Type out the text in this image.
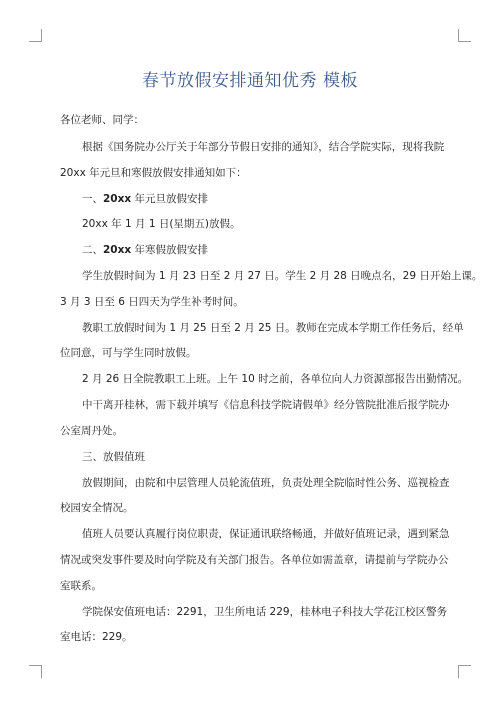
春节放假安排通知优秀 模板
各位老师、同学：
根据《国务院办公厅关于年部分节假日安排的通知》，结合学院实际，现将我院
20xx 年元旦和寒假放假安排通知如下：
一、20xx 年元旦放假安排
20xx 年 1 月 1 日(星期五)放假。
二、20xx 年寒假放假安排
学生放假时间为 1 月 23 日至 2 月 27 日。学生 2 月 28 日晚点名，29 日开始上课。
3 月 3 日至 6 日四天为学生补考时间。
教职工放假时间为 1 月 25 日至 2 月 25 日。教师在完成本学期工作任务后，经单
位同意，可与学生同时放假。
2 月 26 日全院教职工上班。上午 10 时之前，各单位向人力资源部报告出勤情况。
中干离开桂林，需下载并填写《信息科技学院请假单》经分管院批准后报学院办
公室周丹处。
三、放假值班
放假期间，由院和中层管理人员轮流值班，负责处理全院临时性公务、巡视检查
校园安全情况。
值班人员要认真履行岗位职责，保证通讯联络畅通，并做好值班记录，遇到紧急
情况或突发事件要及时向学院及有关部门报告。各单位如需盖章，请提前与学院办公
室联系。
学院保安值班电话：2291，卫生所电话 229，桂林电子科技大学花江校区警务
室电话：229。
